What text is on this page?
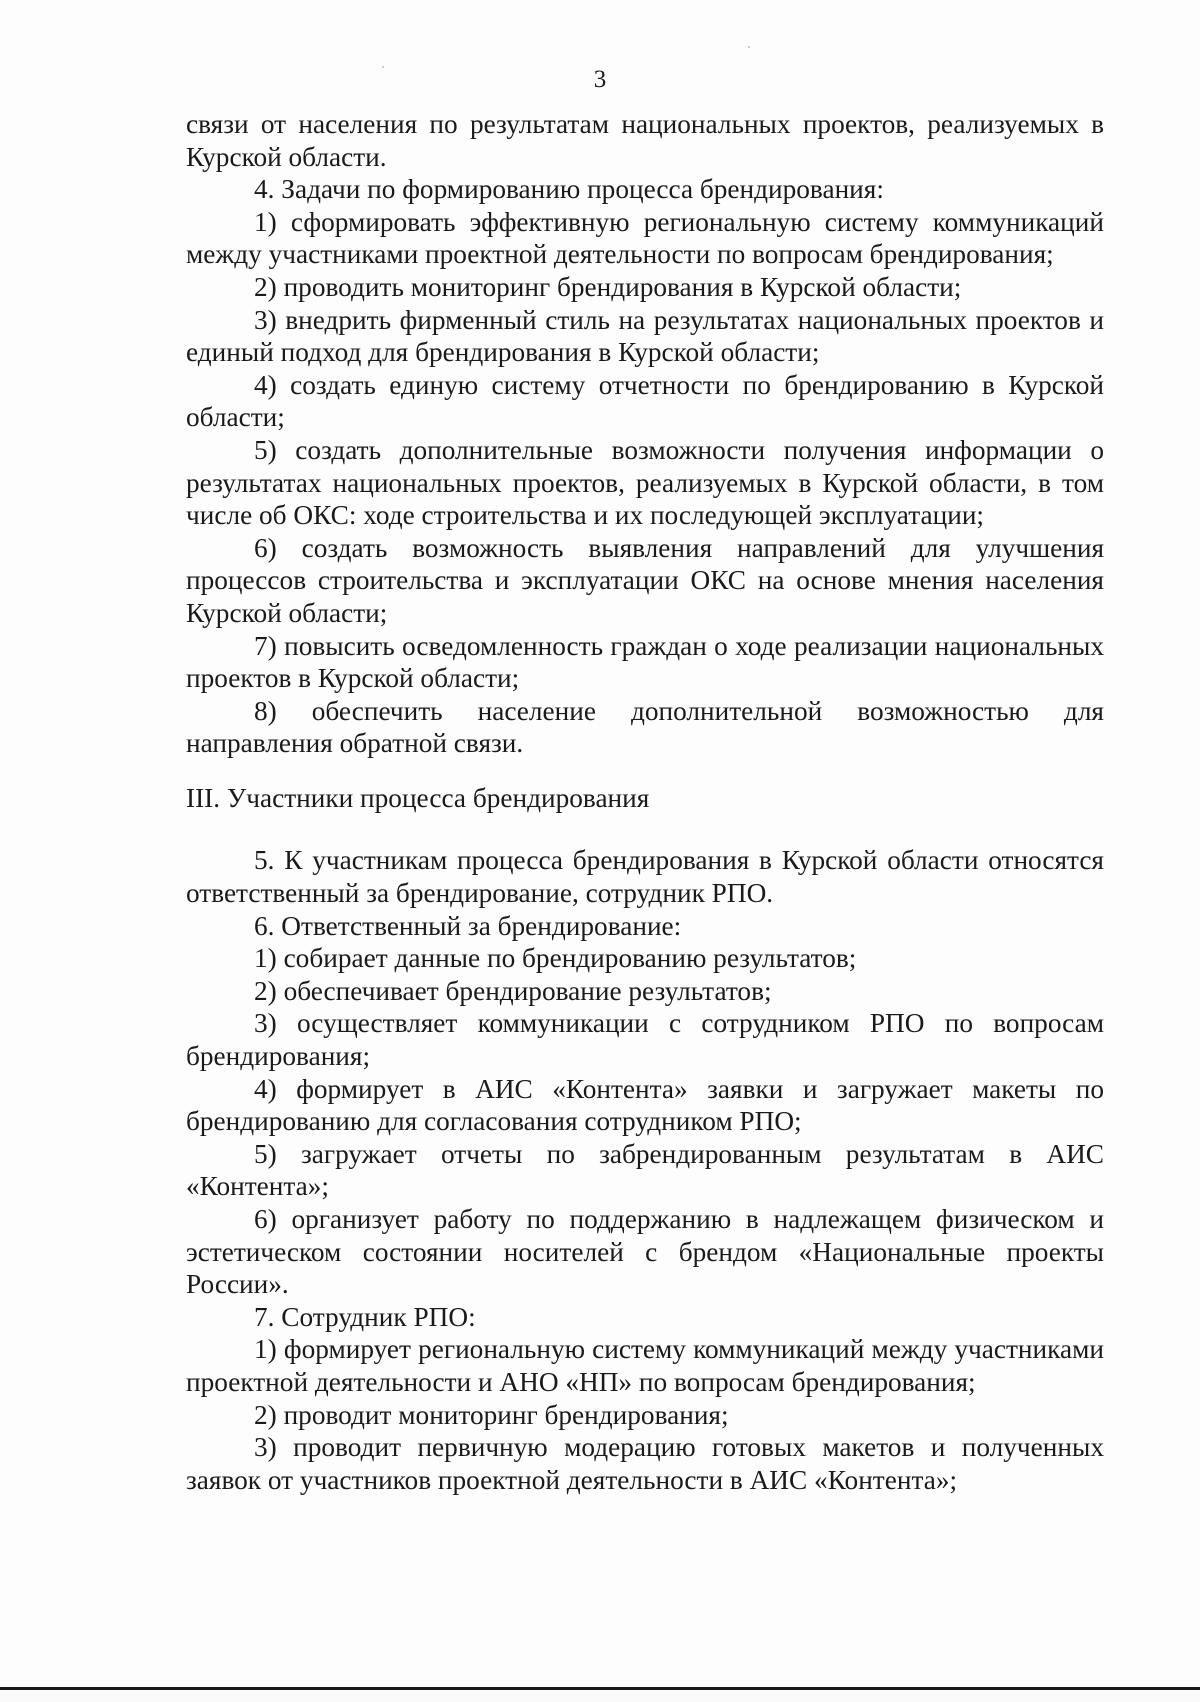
3

связи от населения по результатам национальных проектов, реализуемых в Курской области.

4. Задачи по формированию процесса брендирования:

1) сформировать эффективную региональную систему коммуникаций между участниками проектной деятельности по вопросам брендирования;

2) проводить мониторинг брендирования в Курской области;

3) внедрить фирменный стиль на результатах национальных проектов и единый подход для брендирования в Курской области;

4) создать единую систему отчетности по брендированию в Курской области;

5) создать дополнительные возможности получения информации о результатах национальных проектов, реализуемых в Курской области, в том числе об ОКС: ходе строительства и их последующей эксплуатации;

6) создать возможность выявления направлений для улучшения процессов строительства и эксплуатации ОКС на основе мнения населения Курской области;

7) повысить осведомленность граждан о ходе реализации национальных проектов в Курской области;

8) обеспечить население дополнительной возможностью для направления обратной связи.

III. Участники процесса брендирования

5. К участникам процесса брендирования в Курской области относятся ответственный за брендирование, сотрудник РПО.

6. Ответственный за брендирование:

1) собирает данные по брендированию результатов;

2) обеспечивает брендирование результатов;

3) осуществляет коммуникации с сотрудником РПО по вопросам брендирования;

4) формирует в АИС «Контента» заявки и загружает макеты по брендированию для согласования сотрудником РПО;

5) загружает отчеты по забрендированным результатам в АИС «Контента»;

6) организует работу по поддержанию в надлежащем физическом и эстетическом состоянии носителей с брендом «Национальные проекты России».

7. Сотрудник РПО:

1) формирует региональную систему коммуникаций между участниками проектной деятельности и АНО «НП» по вопросам брендирования;

2) проводит мониторинг брендирования;

3) проводит первичную модерацию готовых макетов и полученных заявок от участников проектной деятельности в АИС «Контента»;
